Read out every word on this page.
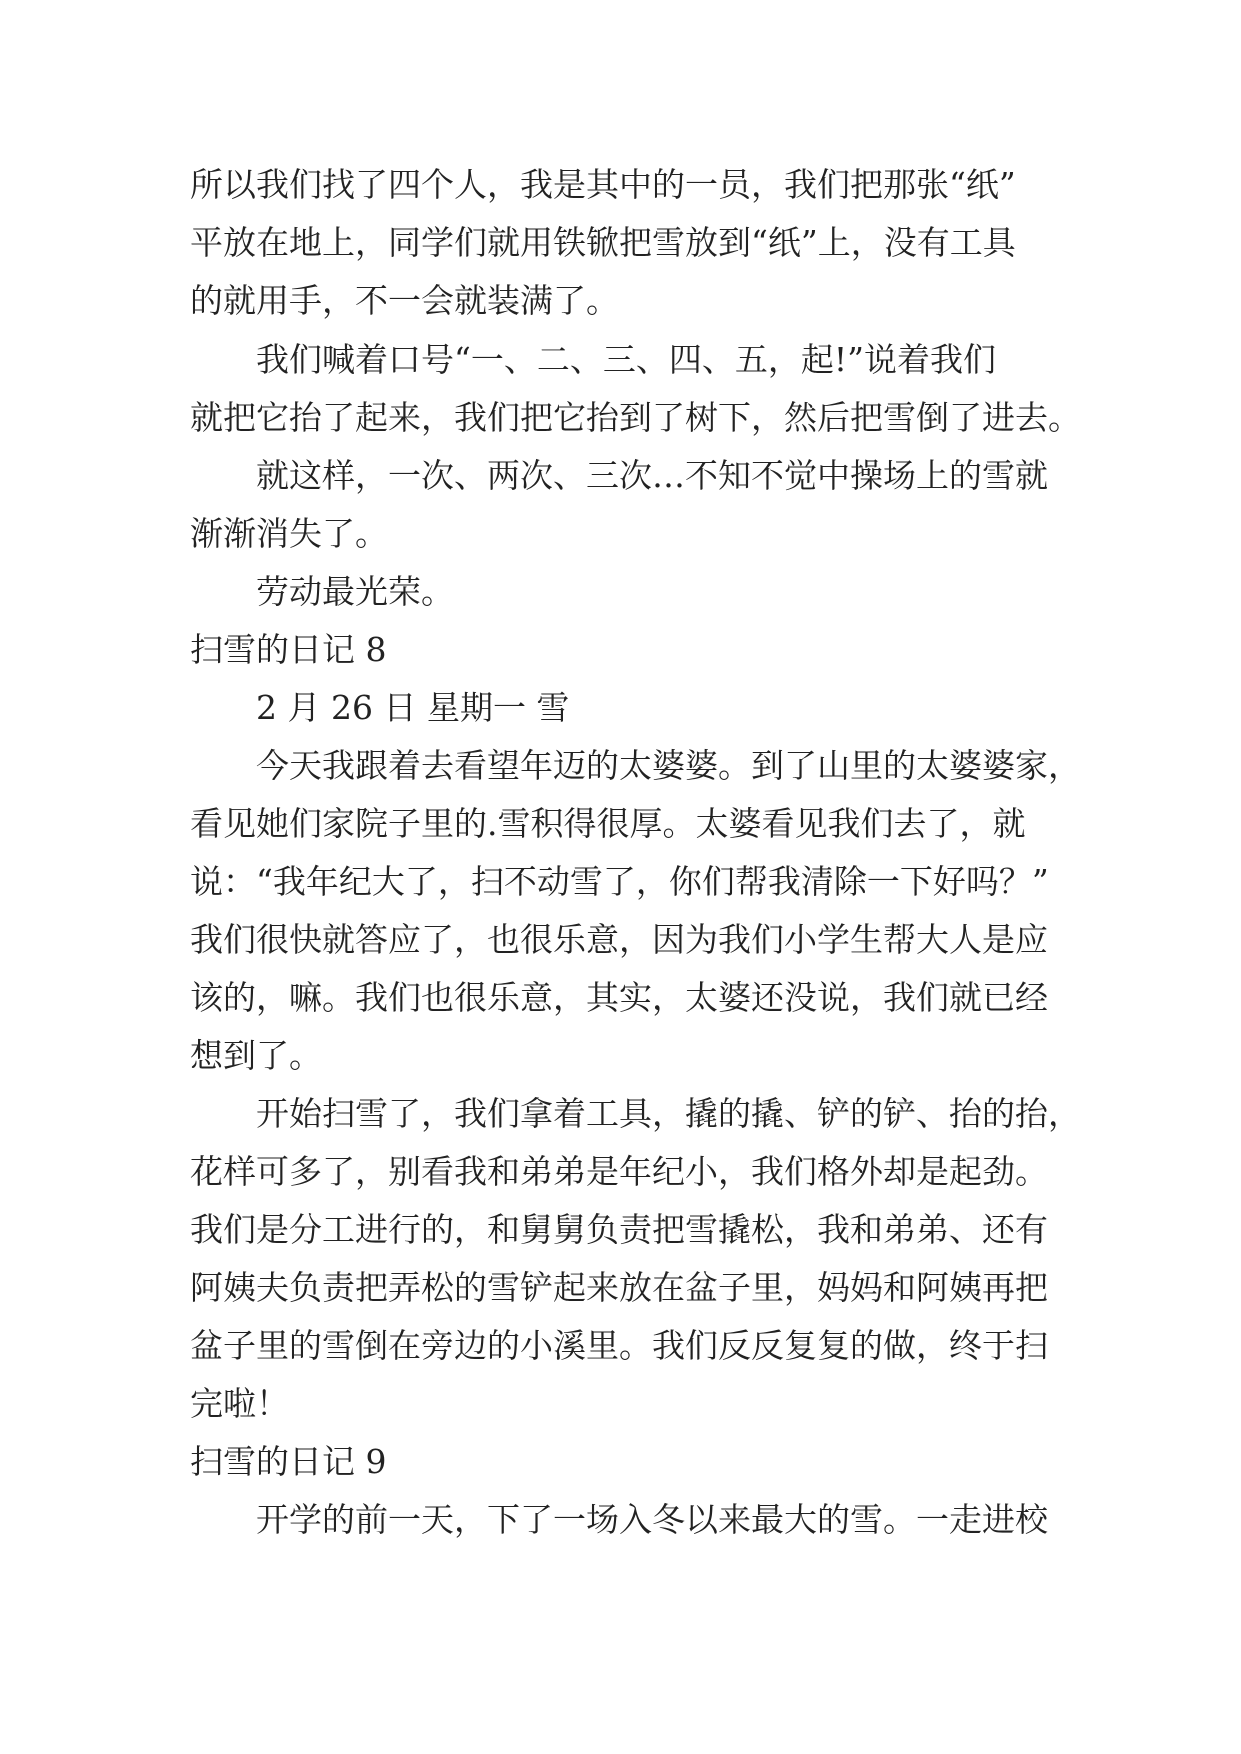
所以我们找了四个人，我是其中的一员，我们把那张“纸”
平放在地上，同学们就用铁锨把雪放到“纸”上，没有工具
的就用手，不一会就装满了。
我们喊着口号“一、二、三、四、五，起!”说着我们
就把它抬了起来，我们把它抬到了树下，然后把雪倒了进去。
就这样，一次、两次、三次…不知不觉中操场上的雪就
渐渐消失了。
劳动最光荣。
扫雪的日记 8
2 月 26 日 星期一 雪
今天我跟着去看望年迈的太婆婆。到了山里的太婆婆家，
看见她们家院子里的.雪积得很厚。太婆看见我们去了，就
说：“我年纪大了，扫不动雪了，你们帮我清除一下好吗？”
我们很快就答应了，也很乐意，因为我们小学生帮大人是应
该的，嘛。我们也很乐意，其实，太婆还没说，我们就已经
想到了。
开始扫雪了，我们拿着工具，撬的撬、铲的铲、抬的抬，
花样可多了，别看我和弟弟是年纪小，我们格外却是起劲。
我们是分工进行的，和舅舅负责把雪撬松，我和弟弟、还有
阿姨夫负责把弄松的雪铲起来放在盆子里，妈妈和阿姨再把
盆子里的雪倒在旁边的小溪里。我们反反复复的做，终于扫
完啦！
扫雪的日记 9
开学的前一天，下了一场入冬以来最大的雪。一走进校
